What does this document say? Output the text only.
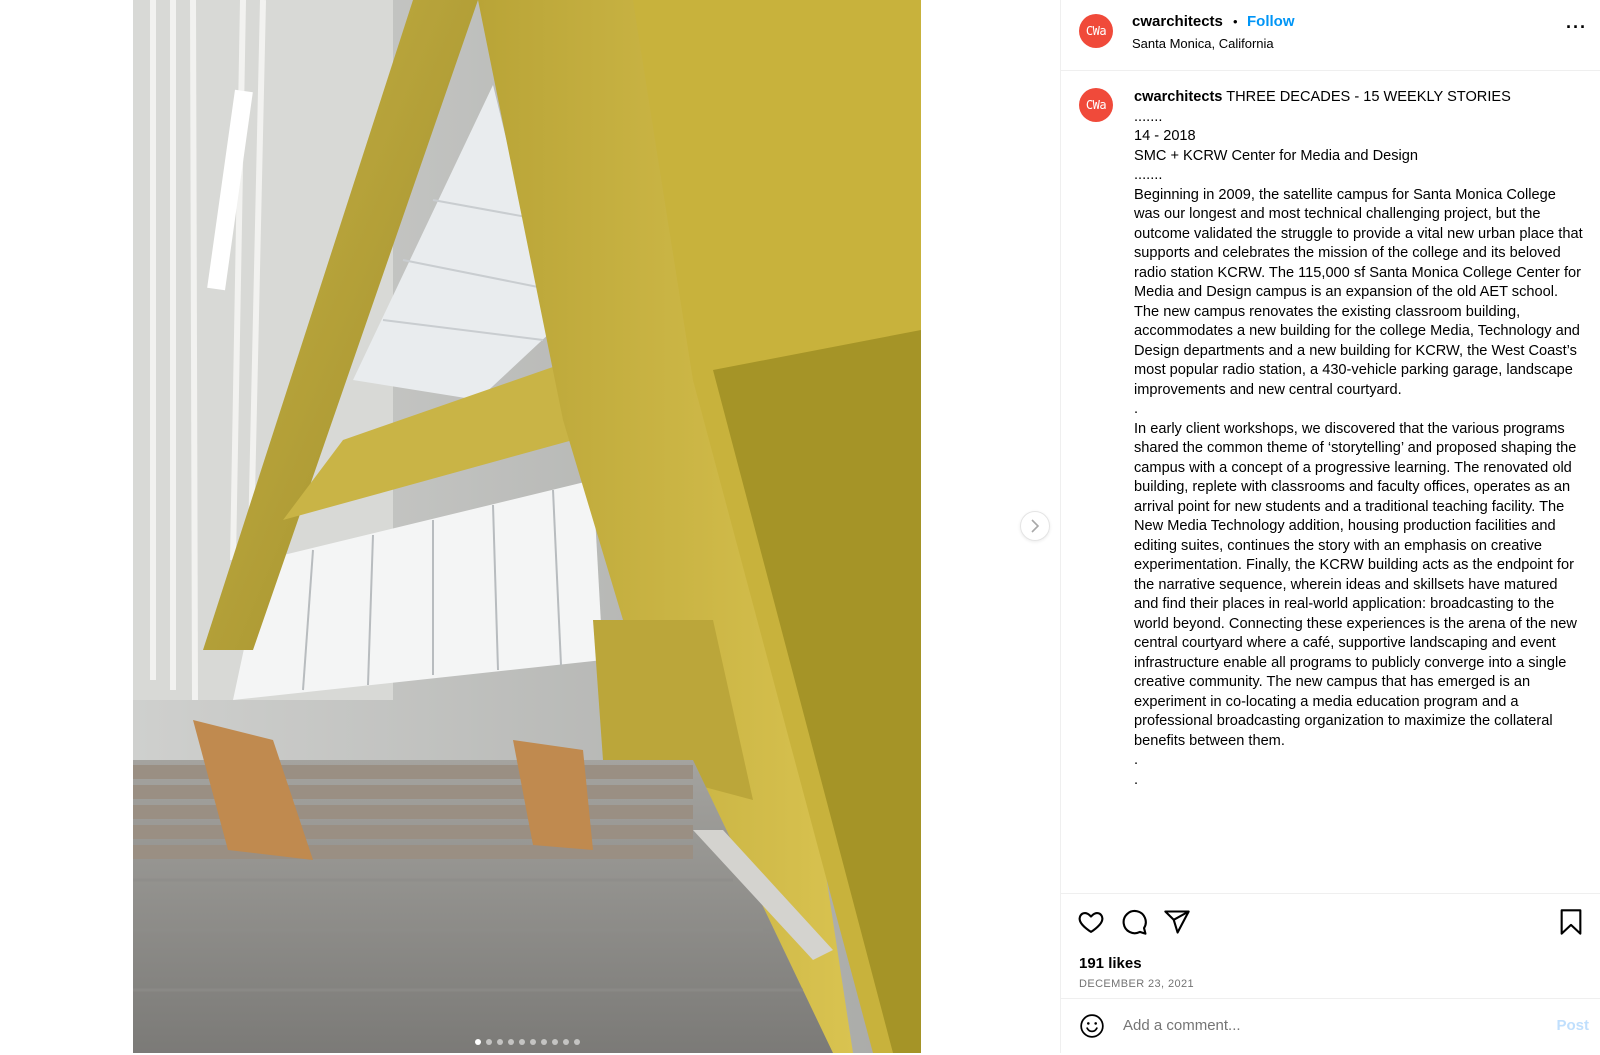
CWa
cwarchitects • Follow
Santa Monica, California
···
CWa	cwarchitects THREE DECADES - 15 WEEKLY STORIES
.......
14 - 2018
SMC + KCRW Center for Media and Design
.......
Beginning in 2009, the satellite campus for Santa Monica College was our longest and most technical challenging project, but the outcome validated the struggle to provide a vital new urban place that supports and celebrates the mission of the college and its beloved radio station KCRW. The 115,000 sf Santa Monica College Center for Media and Design campus is an expansion of the old AET school. The new campus renovates the existing classroom building, accommodates a new building for the college Media, Technology and Design departments and a new building for KCRW, the West Coast’s most popular radio station, a 430-vehicle parking garage, landscape improvements and new central courtyard.
.
In early client workshops, we discovered that the various programs shared the common theme of ‘storytelling’ and proposed shaping the campus with a concept of a progressive learning. The renovated old building, replete with classrooms and faculty offices, operates as an arrival point for new students and a traditional teaching facility. The New Media Technology addition, housing production facilities and editing suites, continues the story with an emphasis on creative experimentation. Finally, the KCRW building acts as the endpoint for the narrative sequence, wherein ideas and skillsets have matured and find their places in real-world application: broadcasting to the world beyond. Connecting these experiences is the arena of the new central courtyard where a café, supportive landscaping and event infrastructure enable all programs to publicly converge into a single creative community. The new campus that has emerged is an experiment in co-locating a media education program and a professional broadcasting organization to maximize the collateral benefits between them.
.
.
191 likes
DECEMBER 23, 2021
Add a comment...
Post
